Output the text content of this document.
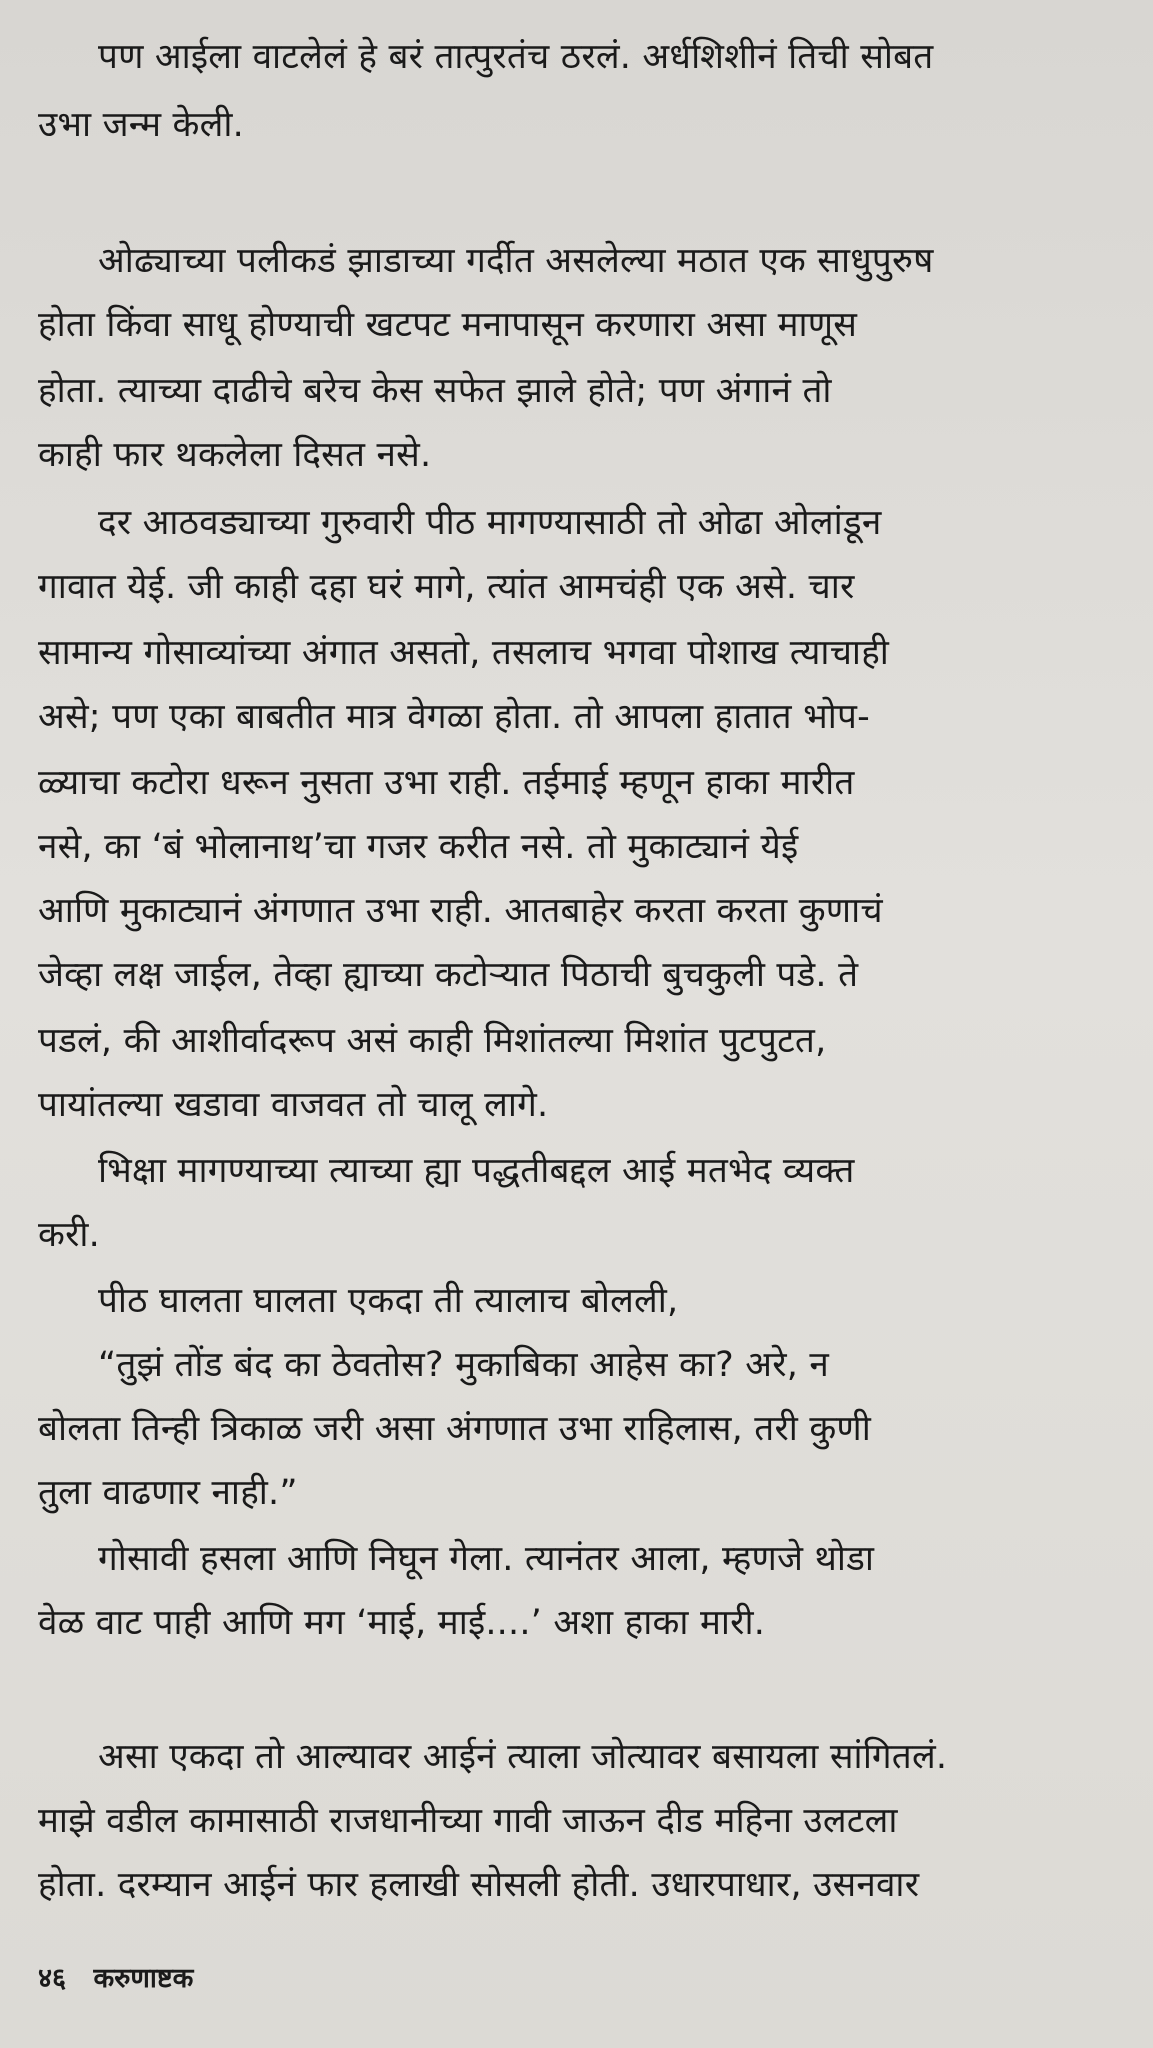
पण आईला वाटलेलं हे बरं तात्पुरतंच ठरलं. अर्धशिशीनं तिची सोबत
उभा जन्म केली.
ओढ्याच्या पलीकडं झाडाच्या गर्दीत असलेल्या मठात एक साधुपुरुष
होता किंवा साधू होण्याची खटपट मनापासून करणारा असा माणूस
होता. त्याच्या दाढीचे बरेच केस सफेत झाले होते; पण अंगानं तो
काही फार थकलेला दिसत नसे.
दर आठवड्याच्या गुरुवारी पीठ मागण्यासाठी तो ओढा ओलांडून
गावात येई. जी काही दहा घरं मागे, त्यांत आमचंही एक असे. चार
सामान्य गोसाव्यांच्या अंगात असतो, तसलाच भगवा पोशाख त्याचाही
असे; पण एका बाबतीत मात्र वेगळा होता. तो आपला हातात भोप-
ळ्याचा कटोरा धरून नुसता उभा राही. तईमाई म्हणून हाका मारीत
नसे, का ‘बं भोलानाथ’चा गजर करीत नसे. तो मुकाट्यानं येई
आणि मुकाट्यानं अंगणात उभा राही. आतबाहेर करता करता कुणाचं
जेव्हा लक्ष जाईल, तेव्हा ह्याच्या कटोऱ्यात पिठाची बुचकुली पडे. ते
पडलं, की आशीर्वादरूप असं काही मिशांतल्या मिशांत पुटपुटत,
पायांतल्या खडावा वाजवत तो चालू लागे.
भिक्षा मागण्याच्या त्याच्या ह्या पद्धतीबद्दल आई मतभेद व्यक्त
करी.
पीठ घालता घालता एकदा ती त्यालाच बोलली,
“तुझं तोंड बंद का ठेवतोस? मुकाबिका आहेस का? अरे, न
बोलता तिन्ही त्रिकाळ जरी असा अंगणात उभा राहिलास, तरी कुणी
तुला वाढणार नाही.”
गोसावी हसला आणि निघून गेला. त्यानंतर आला, म्हणजे थोडा
वेळ वाट पाही आणि मग ‘माई, माई....’ अशा हाका मारी.
असा एकदा तो आल्यावर आईनं त्याला जोत्यावर बसायला सांगितलं.
माझे वडील कामासाठी राजधानीच्या गावी जाऊन दीड महिना उलटला
होता. दरम्यान आईनं फार हलाखी सोसली होती. उधारपाधार, उसनवार
४६ करुणाष्टक
